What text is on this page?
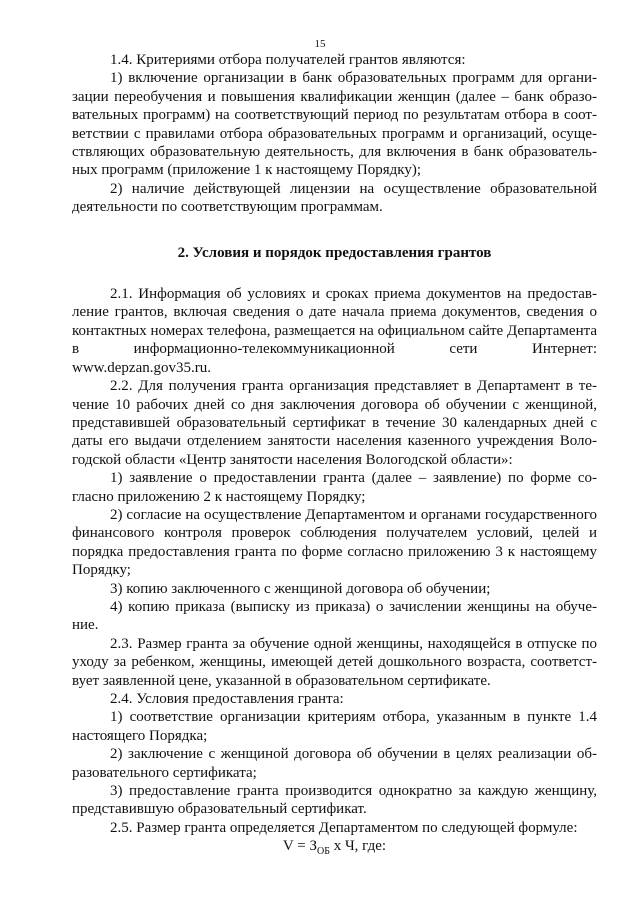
15

1.4. Критериями отбора получателей грантов являются:

1) включение организации в банк образовательных программ для организации переобучения и повышения квалификации женщин (далее – банк образовательных программ) на соответствующий период по результатам отбора в соответствии с правилами отбора образовательных программ и организаций, осуществляющих образовательную деятельность, для включения в банк образовательных программ (приложение 1 к настоящему Порядку);

2) наличие действующей лицензии на осуществление образовательной деятельности по соответствующим программам.

2. Условия и порядок предоставления грантов

2.1. Информация об условиях и сроках приема документов на предоставление грантов, включая сведения о дате начала приема документов, сведения о контактных номерах телефона, размещается на официальном сайте Департамента в информационно-телекоммуникационной сети Интернет:

www.depzan.gov35.ru.

2.2. Для получения гранта организация представляет в Департамент в течение 10 рабочих дней со дня заключения договора об обучении с женщиной, представившей образовательный сертификат в течение 30 календарных дней с даты его выдачи отделением занятости населения казенного учреждения Вологодской области «Центр занятости населения Вологодской области»:

1) заявление о предоставлении гранта (далее – заявление) по форме согласно приложению 2 к настоящему Порядку;

2) согласие на осуществление Департаментом и органами государственного финансового контроля проверок соблюдения получателем условий, целей и порядка предоставления гранта по форме согласно приложению 3 к настоящему Порядку;

3) копию заключенного с женщиной договора об обучении;

4) копию приказа (выписку из приказа) о зачислении женщины на обучение.

2.3. Размер гранта за обучение одной женщины, находящейся в отпуске по уходу за ребенком, женщины, имеющей детей дошкольного возраста, соответствует заявленной цене, указанной в образовательном сертификате.

2.4. Условия предоставления гранта:

1) соответствие организации критериям отбора, указанным в пункте 1.4 настоящего Порядка;

2) заключение с женщиной договора об обучении в целях реализации образовательного сертификата;

3) предоставление гранта производится однократно за каждую женщину, представившую образовательный сертификат.

2.5. Размер гранта определяется Департаментом по следующей формуле:

$V = З_{ОБ}$ х Ч, где:
